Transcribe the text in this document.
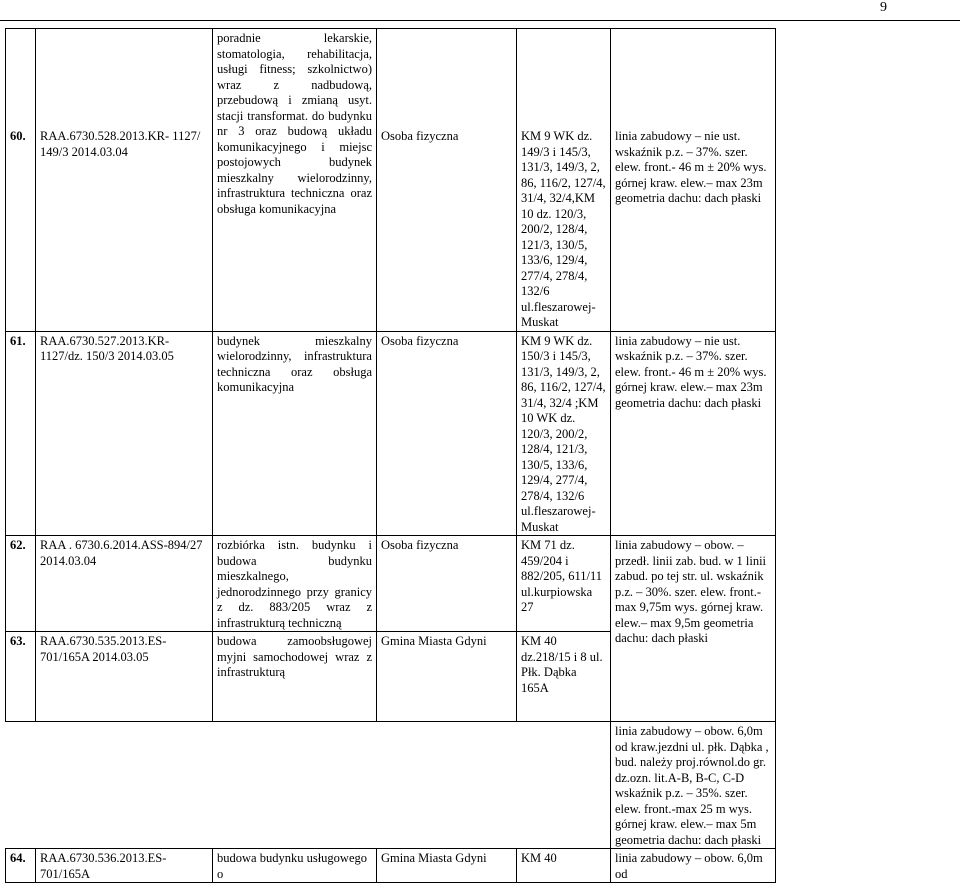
9
60.	RAA.6730.528.2013.KR- 1127/ 149/3 2014.03.04	poradnie lekarskie, stomatologia, rehabilitacja, usługi fitness; szkolnictwo) wraz z nadbudową, przebudową i zmianą usyt. stacji transformat. do budynku nr 3 oraz budową układu komunikacyjnego i miejsc postojowych budynek mieszkalny wielorodzinny, infrastruktura techniczna oraz obsługa komunikacyjna	Osoba fizyczna	KM 9 WK dz. 149/3 i 145/3, 131/3, 149/3, 2, 86, 116/2, 127/4, 31/4, 32/4,KM 10 dz. 120/3, 200/2, 128/4, 121/3, 130/5, 133/6, 129/4, 277/4, 278/4, 132/6 ul.fleszarowej-Muskat	linia zabudowy – nie ust. wskaźnik p.z. – 37%. szer. elew. front.- 46 m ± 20% wys. górnej kraw. elew.– max 23m geometria dachu: dach płaski
61.	RAA.6730.527.2013.KR- 1127/dz. 150/3 2014.03.05	budynek mieszkalny wielorodzinny, infrastruktura techniczna oraz obsługa komunikacyjna	Osoba fizyczna	KM 9 WK dz. 150/3 i 145/3, 131/3, 149/3, 2, 86, 116/2, 127/4, 31/4, 32/4 ;KM 10 WK dz. 120/3, 200/2, 128/4, 121/3, 130/5, 133/6, 129/4, 277/4, 278/4, 132/6 ul.fleszarowej-Muskat	linia zabudowy – nie ust. wskaźnik p.z. – 37%. szer. elew. front.- 46 m ± 20% wys. górnej kraw. elew.– max 23m geometria dachu: dach płaski
62.	RAA . 6730.6.2014.ASS-894/27 2014.03.04	rozbiórka istn. budynku i budowa budynku mieszkalnego, jednorodzinnego przy granicy z dz. 883/205 wraz z infrastrukturą techniczną	Osoba fizyczna	KM 71 dz. 459/204 i 882/205, 611/11 ul.kurpiowska 27	linia zabudowy – obow. – przedł. linii zab. bud. w 1 linii zabud. po tej str. ul. wskaźnik p.z. – 30%. szer. elew. front.- max 9,75m wys. górnej kraw. elew.– max 9,5m geometria dachu: dach płaski
63.	RAA.6730.535.2013.ES-701/165A 2014.03.05	budowa zamoobsługowej myjni samochodowej wraz z infrastrukturą	Gmina Miasta Gdyni	KM 40 dz.218/15 i 8 ul. Płk. Dąbka 165A	
					linia zabudowy – obow. 6,0m od kraw.jezdni ul. płk. Dąbka , bud. należy proj.równol.do gr. dz.ozn. lit.A-B, B-C, C-D wskaźnik p.z. – 35%. szer. elew. front.-max 25 m wys. górnej kraw. elew.– max 5m geometria dachu: dach płaski
64.	RAA.6730.536.2013.ES-701/165A	budowa budynku usługowego o	Gmina Miasta Gdyni	KM 40	linia zabudowy – obow. 6,0m od
